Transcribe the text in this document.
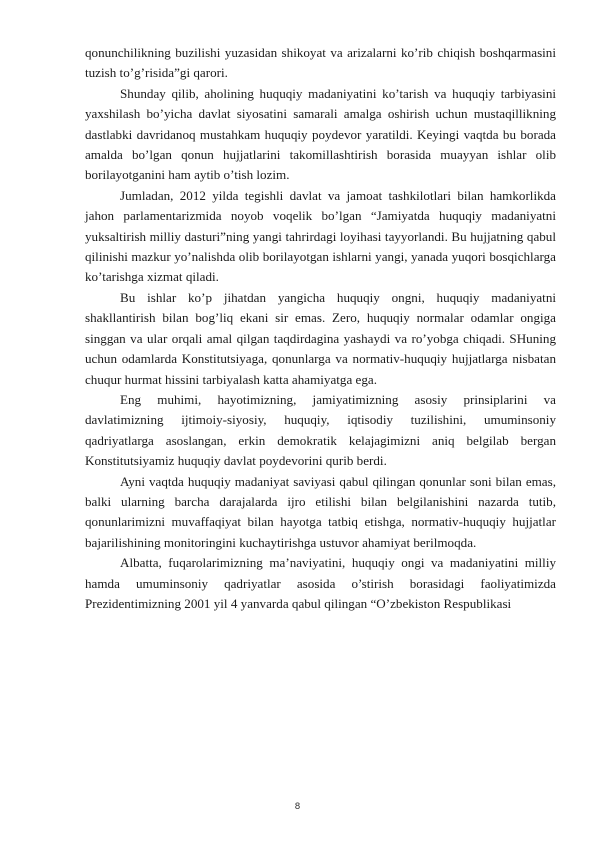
qonunchilikning buzilishi yuzasidan shikoyat va arizalarni ko’rib chiqish boshqarmasini tuzish to’g’risida”gi qarori.

Shunday qilib, aholining huquqiy madaniyatini ko’tarish va huquqiy tarbiyasini yaxshilash bo’yicha davlat siyosatini samarali amalga oshirish uchun mustaqillikning dastlabki davridanoq mustahkam huquqiy poydevor yaratildi. Keyingi vaqtda bu borada amalda bo’lgan qonun hujjatlarini takomillashtirish borasida muayyan ishlar olib borilayotganini ham aytib o’tish lozim.

Jumladan, 2012 yilda tegishli davlat va jamoat tashkilotlari bilan hamkorlikda jahon parlamentarizmida noyob voqelik bo’lgan “Jamiyatda huquqiy madaniyatni yuksaltirish milliy dasturi”ning yangi tahrirdagi loyihasi tayyorlandi. Bu hujjatning qabul qilinishi mazkur yo’nalishda olib borilayotgan ishlarni yangi, yanada yuqori bosqichlarga ko’tarishga xizmat qiladi.

Bu ishlar ko’p jihatdan yangicha huquqiy ongni, huquqiy madaniyatni shakllantirish bilan bog’liq ekani sir emas. Zero, huquqiy normalar odamlar ongiga singgan va ular orqali amal qilgan taqdirdagina yashaydi va ro’yobga chiqadi. SHuning uchun odamlarda Konstitutsiyaga, qonunlarga va normativ-huquqiy hujjatlarga nisbatan chuqur hurmat hissini tarbiyalash katta ahamiyatga ega.

Eng muhimi, hayotimizning, jamiyatimizning asosiy prinsiplarini va davlatimizning ijtimoiy-siyosiy, huquqiy, iqtisodiy tuzilishini, umuminsoniy qadriyatlarga asoslangan, erkin demokratik kelajagimizni aniq belgilab bergan Konstitutsiyamiz huquqiy davlat poydevorini qurib berdi.

Ayni vaqtda huquqiy madaniyat saviyasi qabul qilingan qonunlar soni bilan emas, balki ularning barcha darajalarda ijro etilishi bilan belgilanishini nazarda tutib, qonunlarimizni muvaffaqiyat bilan hayotga tatbiq etishga, normativ-huquqiy hujjatlar bajarilishining monitoringini kuchaytirishga ustuvor ahamiyat berilmoqda.

Albatta, fuqarolarimizning ma’naviyatini, huquqiy ongi va madaniyatini milliy hamda umuminsoniy qadriyatlar asosida o’stirish borasidagi faoliyatimizda Prezidentimizning 2001 yil 4 yanvarda qabul qilingan “O’zbekiston Respublikasi

8
